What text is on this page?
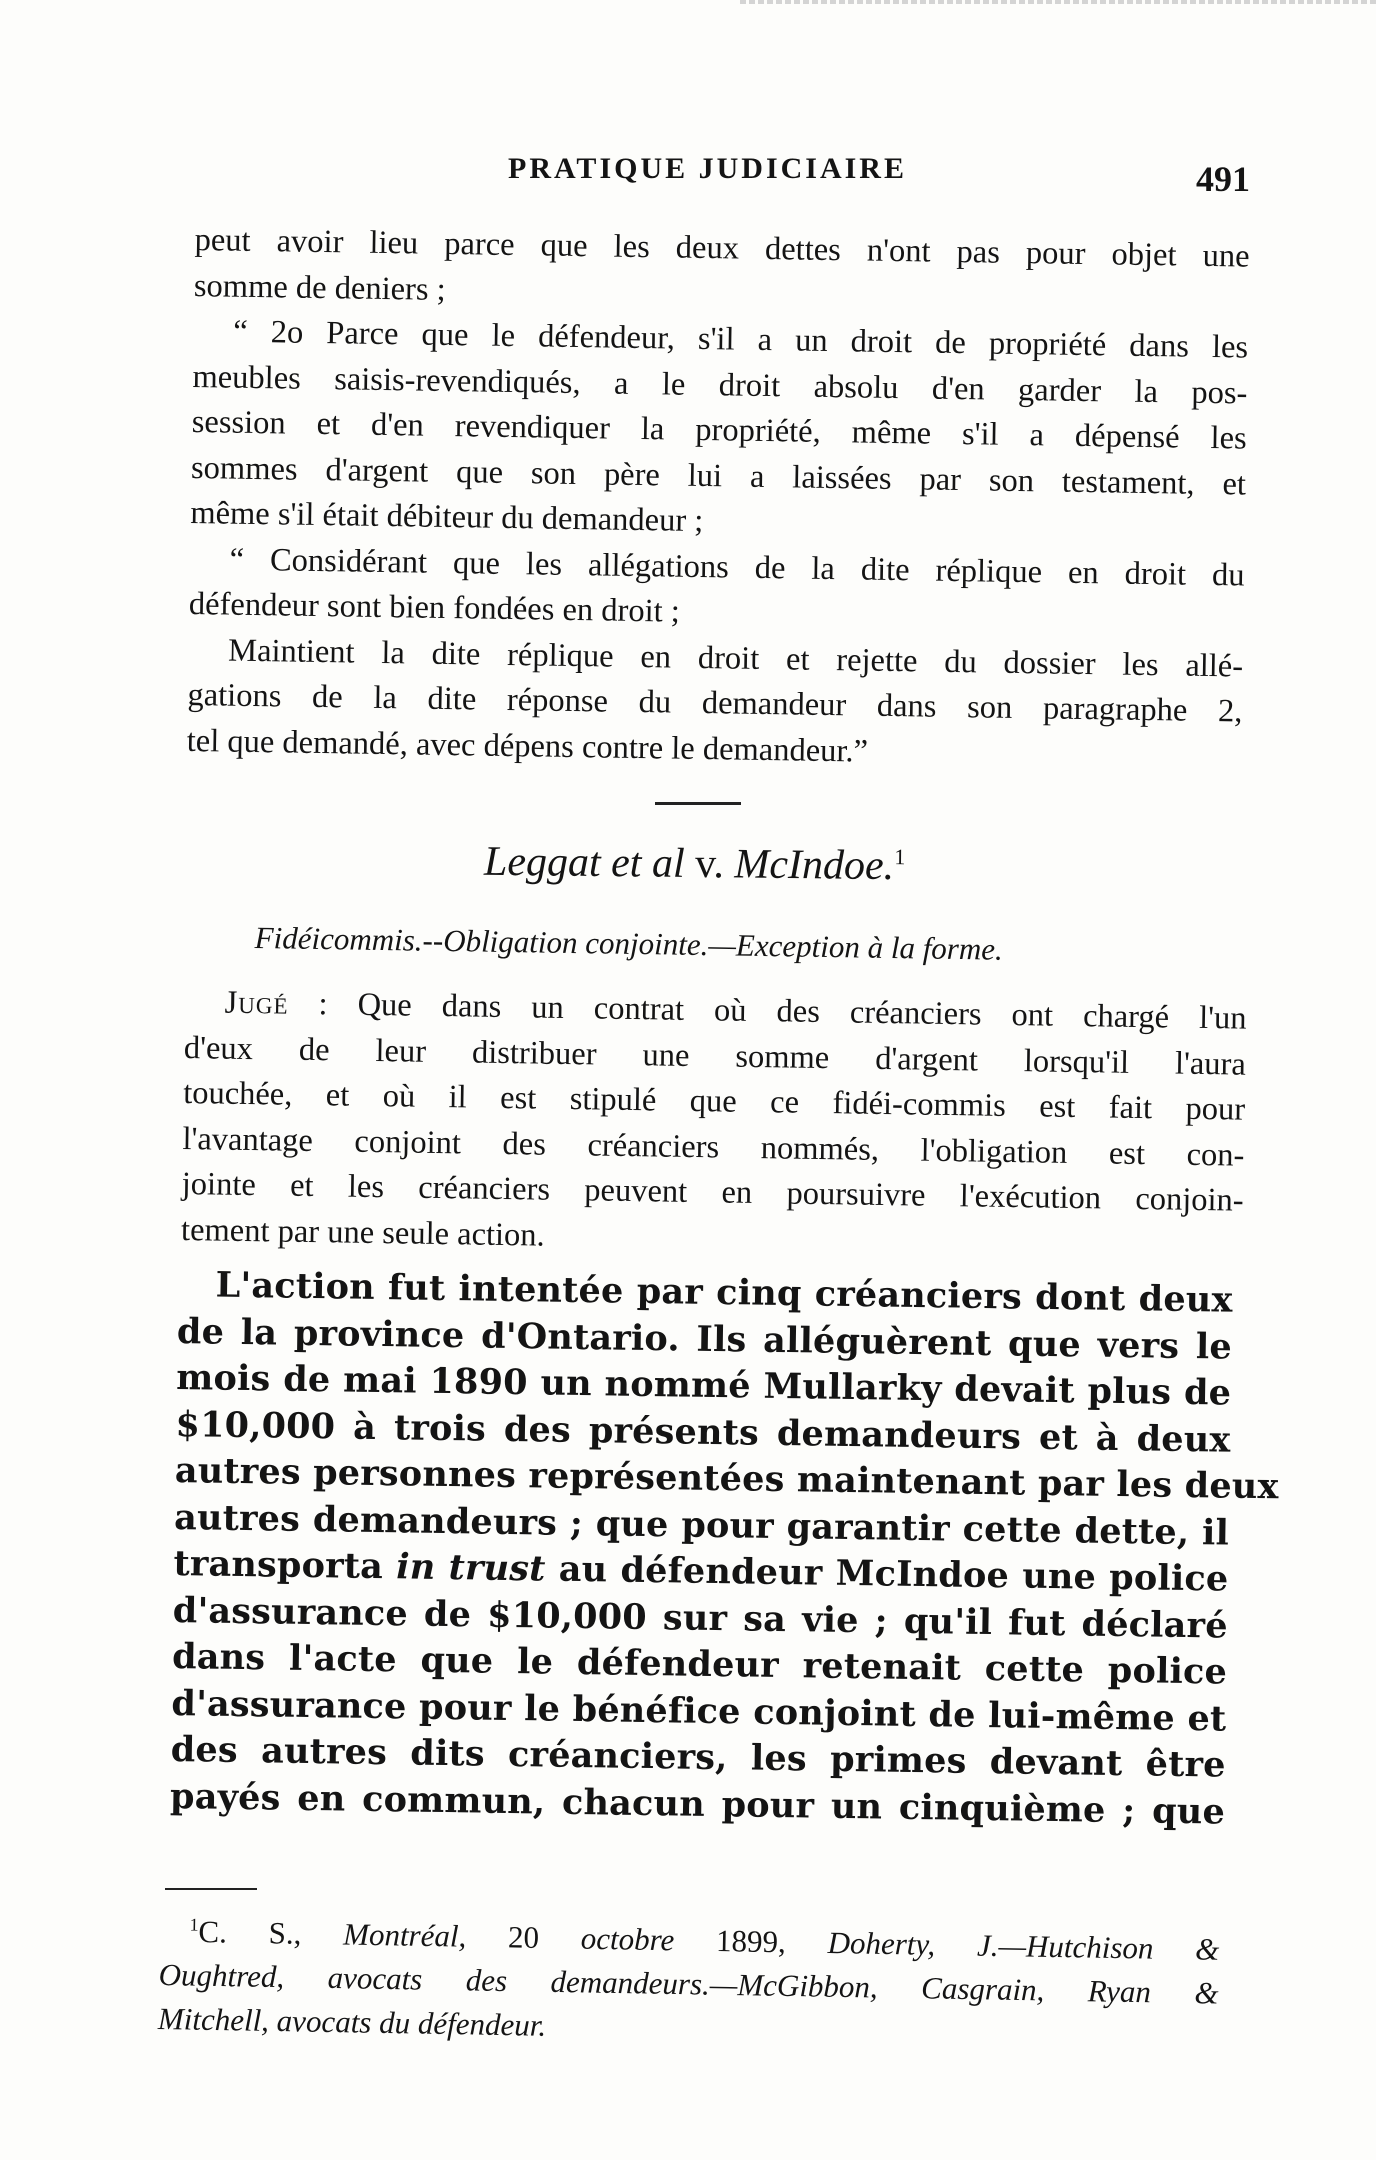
PRATIQUE JUDICIAIRE	491
peut avoir lieu parce que les deux dettes n'ont pas pour objet une
somme de deniers ;
“ 2o Parce que le défendeur, s'il a un droit de propriété dans les
meubles saisis-revendiqués, a le droit absolu d'en garder la pos-
session et d'en revendiquer la propriété, même s'il a dépensé les
sommes d'argent que son père lui a laissées par son testament, et
même s'il était débiteur du demandeur ;
“ Considérant que les allégations de la dite réplique en droit du
défendeur sont bien fondées en droit ;
Maintient la dite réplique en droit et rejette du dossier les allé-
gations de la dite réponse du demandeur dans son paragraphe 2,
tel que demandé, avec dépens contre le demandeur.”
Leggat et al v. McIndoe.$^1$
Fidéicommis.--Obligation conjointe.—Exception à la forme.
Jugé : Que dans un contrat où des créanciers ont chargé l'un
d'eux de leur distribuer une somme d'argent lorsqu'il l'aura
touchée, et où il est stipulé que ce fidéi-commis est fait pour
l'avantage conjoint des créanciers nommés, l'obligation est con-
jointe et les créanciers peuvent en poursuivre l'exécution conjoin-
tement par une seule action.
L'action fut intentée par cinq créanciers dont deux
de la province d'Ontario. Ils alléguèrent que vers le
mois de mai 1890 un nommé Mullarky devait plus de
$10,000 à trois des présents demandeurs et à deux
autres personnes représentées maintenant par les deux
autres demandeurs ; que pour garantir cette dette, il
transporta in trust au défendeur McIndoe une police
d'assurance de $10,000 sur sa vie ; qu'il fut déclaré
dans l'acte que le défendeur retenait cette police
d'assurance pour le bénéfice conjoint de lui-même et
des autres dits créanciers, les primes devant être
payés en commun, chacun pour un cinquième ; que
$^1$C. S., Montréal, 20 octobre 1899, Doherty, J.—Hutchison &
Oughtred, avocats des demandeurs.—McGibbon, Casgrain, Ryan &
Mitchell, avocats du défendeur.
